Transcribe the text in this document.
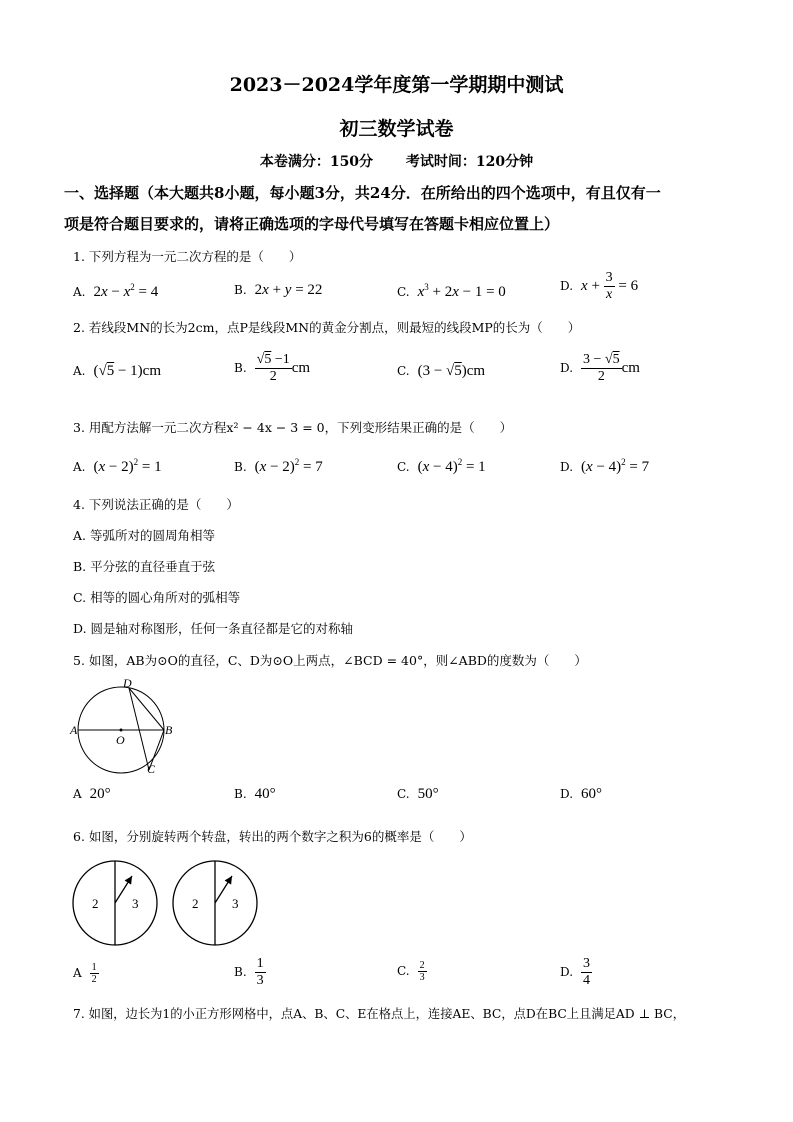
2023－2024学年度第一学期期中测试
初三数学试卷
本卷满分：150分 　　考试时间：120分钟
一、选择题（本大题共8小题，每小题3分，共24分．在所给出的四个选项中，有且仅有一
项是符合题目要求的，请将正确选项的字母代号填写在答题卡相应位置上）
1. 下列方程为一元二次方程的是（　　）
A. $2x - x^2 = 4$	B. 2x + y = 22	C. $x^3 + 2x - 1 = 0$	D. $x + \frac{3}{x} = 6$
2. 若线段MN的长为2cm，点P是线段MN的黄金分割点，则最短的线段MP的长为（　　）
A. (√5 − 1)cm	B. $\frac{√5 -1}{2}$ cm	C. (3 − √5)cm	D. $\frac{3 - √5}{2}$ cm
3. 用配方法解一元二次方程x² − 4x − 3 = 0，下列变形结果正确的是（　　）
A. $(x - 2)^2 = 1$	B. $(x - 2)^2 = 7$	C. $(x - 4)^2 = 1$	D. $(x - 4)^2 = 7$
4. 下列说法正确的是（　　）
A. 等弧所对的圆周角相等
B. 平分弦的直径垂直于弦
C. 相等的圆心角所对的弧相等
D. 圆是轴对称图形，任何一条直径都是它的对称轴
5. 如图，AB为⊙O的直径，C、D为⊙O上两点，∠BCD = 40°，则∠ABD的度数为（　　）
A	B
C
D
O
A 20°	B. 40°	C. 50°	D. 60°
6. 如图，分别旋转两个转盘，转出的两个数字之积为6的概率是（　　）
2	3	2	3
A $\frac{1}{2}$	B. $\frac{1}{3}$	C. $\frac{2}{3}$	D. $\frac{3}{4}$
7. 如图，边长为1的小正方形网格中，点A、B、C、E在格点上，连接AE、BC，点D在BC上且满足AD ⊥ BC，
